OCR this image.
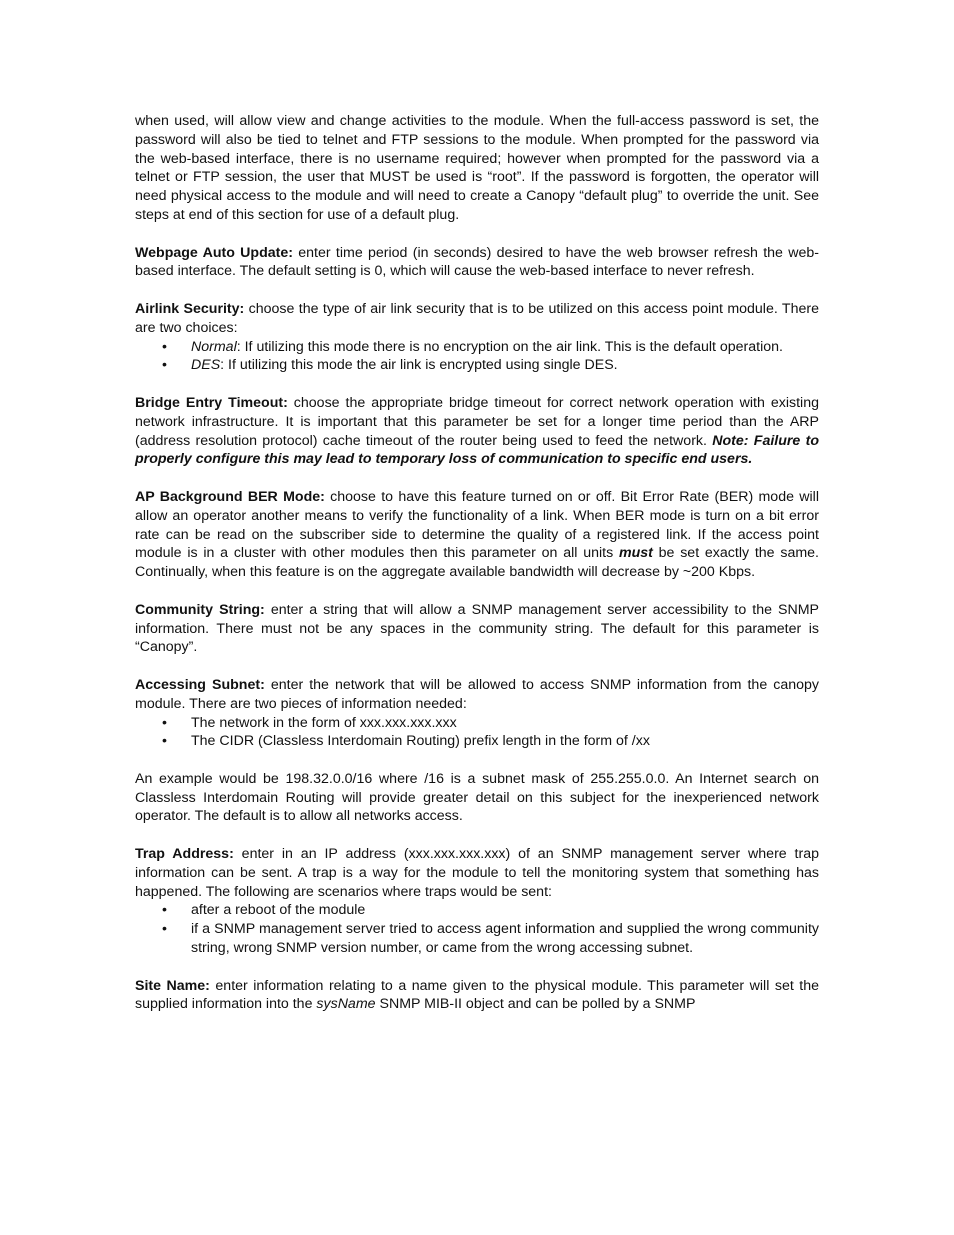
when used, will allow view and change activities to the module. When the full-access password is set, the password will also be tied to telnet and FTP sessions to the module. When prompted for the password via the web-based interface, there is no username required; however when prompted for the password via a telnet or FTP session, the user that MUST be used is “root”. If the password is forgotten, the operator will need physical access to the module and will need to create a Canopy “default plug” to override the unit. See steps at end of this section for use of a default plug.

Webpage Auto Update: enter time period (in seconds) desired to have the web browser refresh the web-based interface. The default setting is 0, which will cause the web-based interface to never refresh.

Airlink Security: choose the type of air link security that is to be utilized on this access point module. There are two choices:

• Normal: If utilizing this mode there is no encryption on the air link. This is the default operation.
• DES: If utilizing this mode the air link is encrypted using single DES.

Bridge Entry Timeout: choose the appropriate bridge timeout for correct network operation with existing network infrastructure. It is important that this parameter be set for a longer time period than the ARP (address resolution protocol) cache timeout of the router being used to feed the network. Note: Failure to properly configure this may lead to temporary loss of communication to specific end users.

AP Background BER Mode: choose to have this feature turned on or off. Bit Error Rate (BER) mode will allow an operator another means to verify the functionality of a link. When BER mode is turn on a bit error rate can be read on the subscriber side to determine the quality of a registered link. If the access point module is in a cluster with other modules then this parameter on all units must be set exactly the same. Continually, when this feature is on the aggregate available bandwidth will decrease by ~200 Kbps.

Community String: enter a string that will allow a SNMP management server accessibility to the SNMP information. There must not be any spaces in the community string. The default for this parameter is “Canopy”.

Accessing Subnet: enter the network that will be allowed to access SNMP information from the canopy module. There are two pieces of information needed:

• The network in the form of xxx.xxx.xxx.xxx
• The CIDR (Classless Interdomain Routing) prefix length in the form of /xx

An example would be 198.32.0.0/16 where /16 is a subnet mask of 255.255.0.0. An Internet search on Classless Interdomain Routing will provide greater detail on this subject for the inexperienced network operator. The default is to allow all networks access.

Trap Address: enter in an IP address (xxx.xxx.xxx.xxx) of an SNMP management server where trap information can be sent. A trap is a way for the module to tell the monitoring system that something has happened. The following are scenarios where traps would be sent:

• after a reboot of the module
• if a SNMP management server tried to access agent information and supplied the wrong community string, wrong SNMP version number, or came from the wrong accessing subnet.

Site Name: enter information relating to a name given to the physical module. This parameter will set the supplied information into the sysName SNMP MIB-II object and can be polled by a SNMP
